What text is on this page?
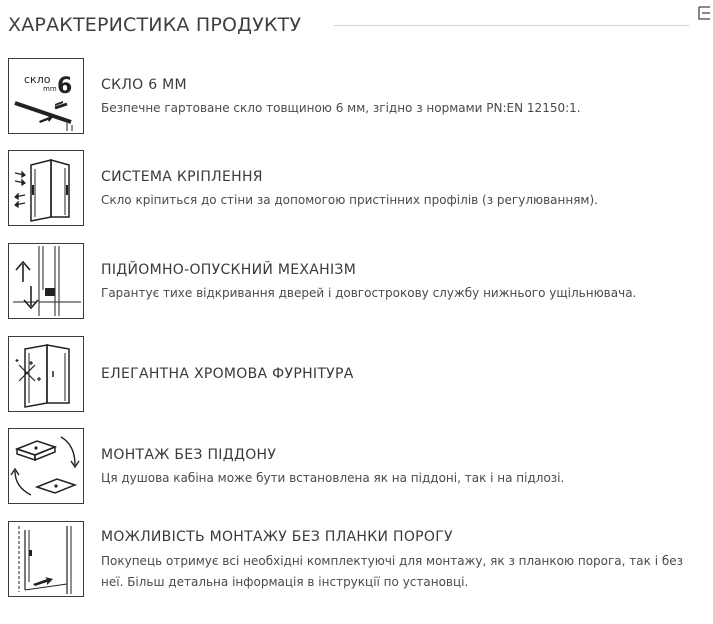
ХАРАКТЕРИСТИКА ПРОДУКТУ
скло
mm 6 СКЛО 6 ММ
Безпечне гартоване скло товщиною 6 мм, згідно з нормами PN:EN 12150:1.
СИСТЕМА КРІПЛЕННЯ
Скло кріпиться до стіни за допомогою пристінних профілів (з регулюванням).
ПІДЙОМНО-ОПУСКНИЙ МЕХАНІЗМ
Гарантує тихе відкривання дверей і довгострокову службу нижнього ущільнювача.
ЕЛЕГАНТНА ХРОМОВА ФУРНІТУРА
МОНТАЖ БЕЗ ПІДДОНУ
Ця душова кабіна може бути встановлена як на піддоні, так і на підлозі.
МОЖЛИВІСТЬ МОНТАЖУ БЕЗ ПЛАНКИ ПОРОГУ
Покупець отримує всі необхідні комплектуючі для монтажу, як з планкою порога, так і без неї. Більш детальна інформація в інструкції по установці.
